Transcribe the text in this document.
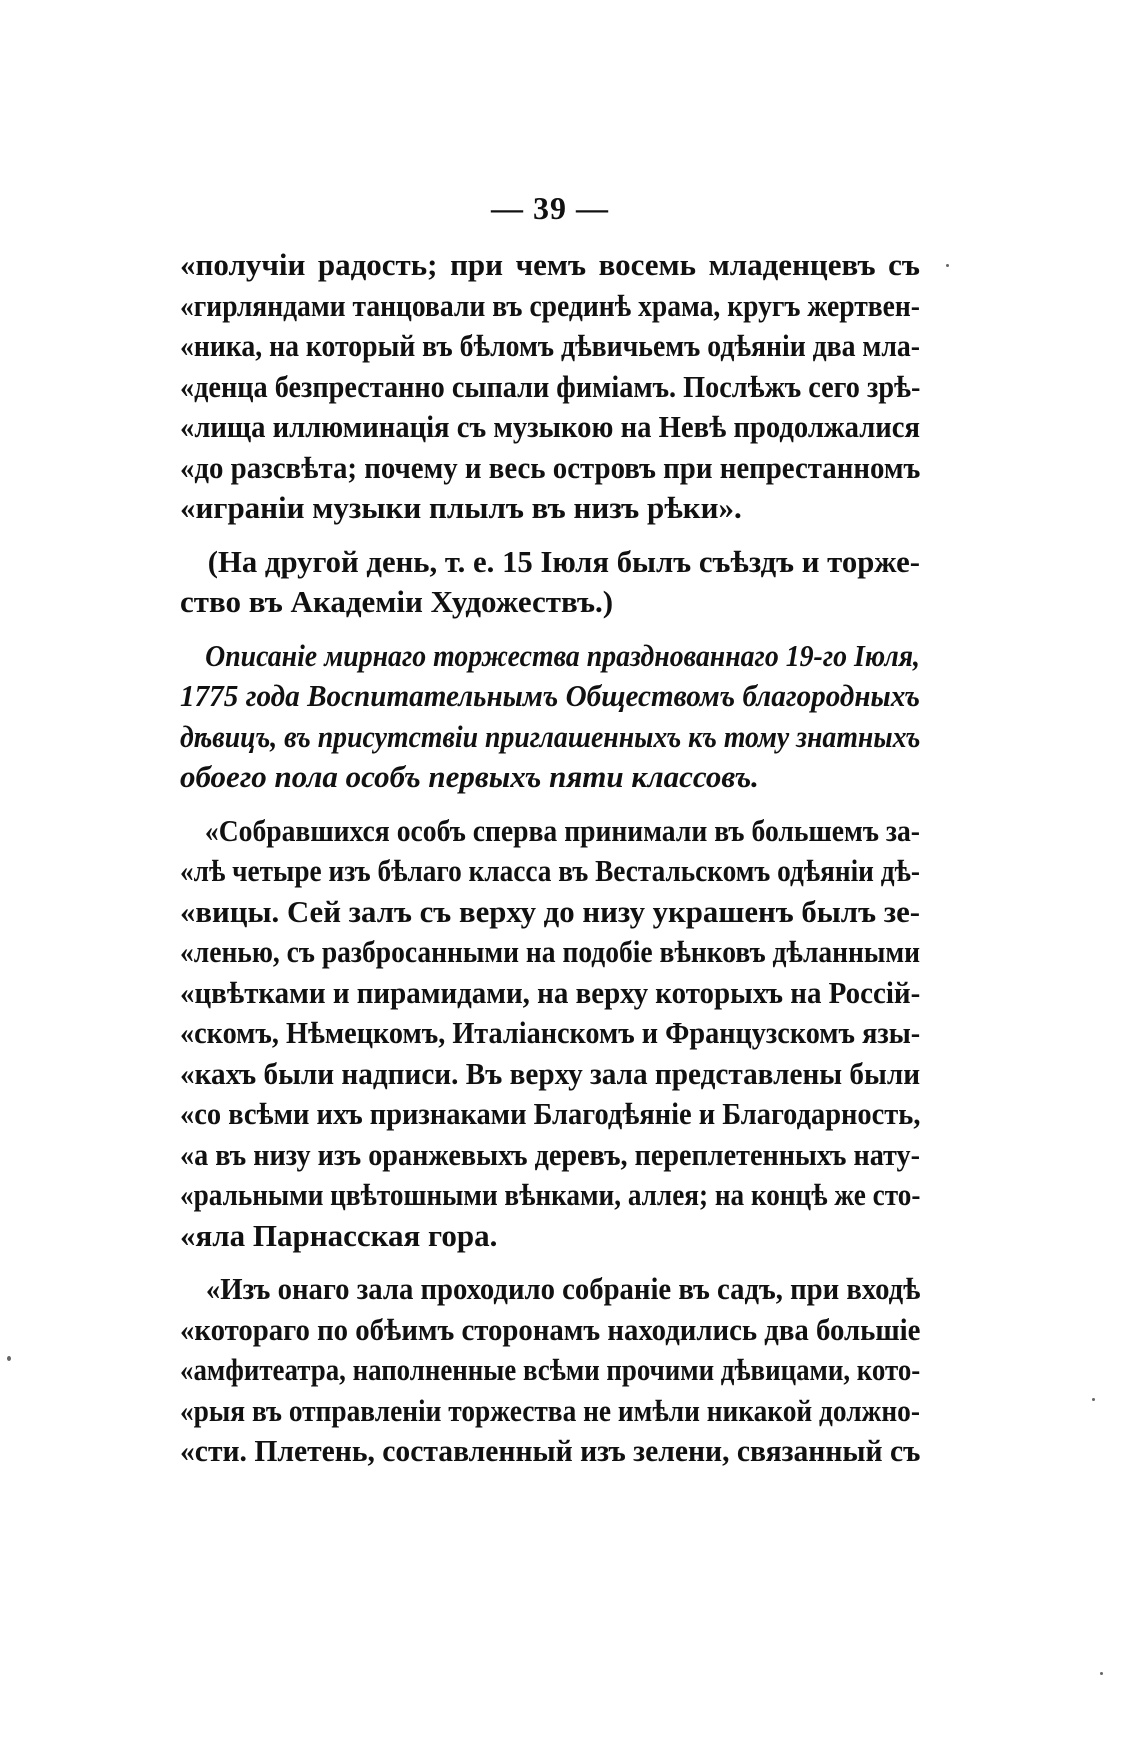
— 39 —
«получіи радость; при чемъ восемь младенцевъ съ
«гирляндами танцовали въ срединѣ храма, кругъ жертвен-
«ника, на который въ бѣломъ дѣвичьемъ одѣяніи два мла-
«денца безпрестанно сыпали фиміамъ. Послѣжъ сего зрѣ-
«лища иллюминація съ музыкою на Невѣ продолжалися
«до разсвѣта; почему и весь островъ при непрестанномъ
«играніи музыки плылъ въ низъ рѣки».
(На другой день, т. е. 15 Іюля былъ съѣздъ и торже-
ство въ Академіи Художествъ.)
Описаніе мирнаго торжества празднованнаго 19-го Іюля,
1775 года Воспитательнымъ Обществомъ благородныхъ
дѣвицъ, въ присутствіи приглашенныхъ къ тому знатныхъ
обоего пола особъ первыхъ пяти классовъ.
«Собравшихся особъ сперва принимали въ большемъ за-
«лѣ четыре изъ бѣлаго класса въ Вестальскомъ одѣяніи дѣ-
«вицы. Сей залъ съ верху до низу украшенъ былъ зе-
«ленью, съ разбросанными на подобіе вѣнковъ дѣланными
«цвѣтками и пирамидами, на верху которыхъ на Россій-
«скомъ, Нѣмецкомъ, Италіанскомъ и Французскомъ язы-
«кахъ были надписи. Въ верху зала представлены были
«со всѣми ихъ признаками Благодѣяніе и Благодарность,
«а въ низу изъ оранжевыхъ деревъ, переплетенныхъ нату-
«ральными цвѣтошными вѣнками, аллея; на концѣ же сто-
«яла Парнасская гора.
«Изъ онаго зала проходило собраніе въ садъ, при входѣ
«котораго по обѣимъ сторонамъ находились два большіе
«амфитеатра, наполненные всѣми прочими дѣвицами, кото-
«рыя въ отправленіи торжества не имѣли никакой должно-
«сти. Плетень, составленный изъ зелени, связанный съ
